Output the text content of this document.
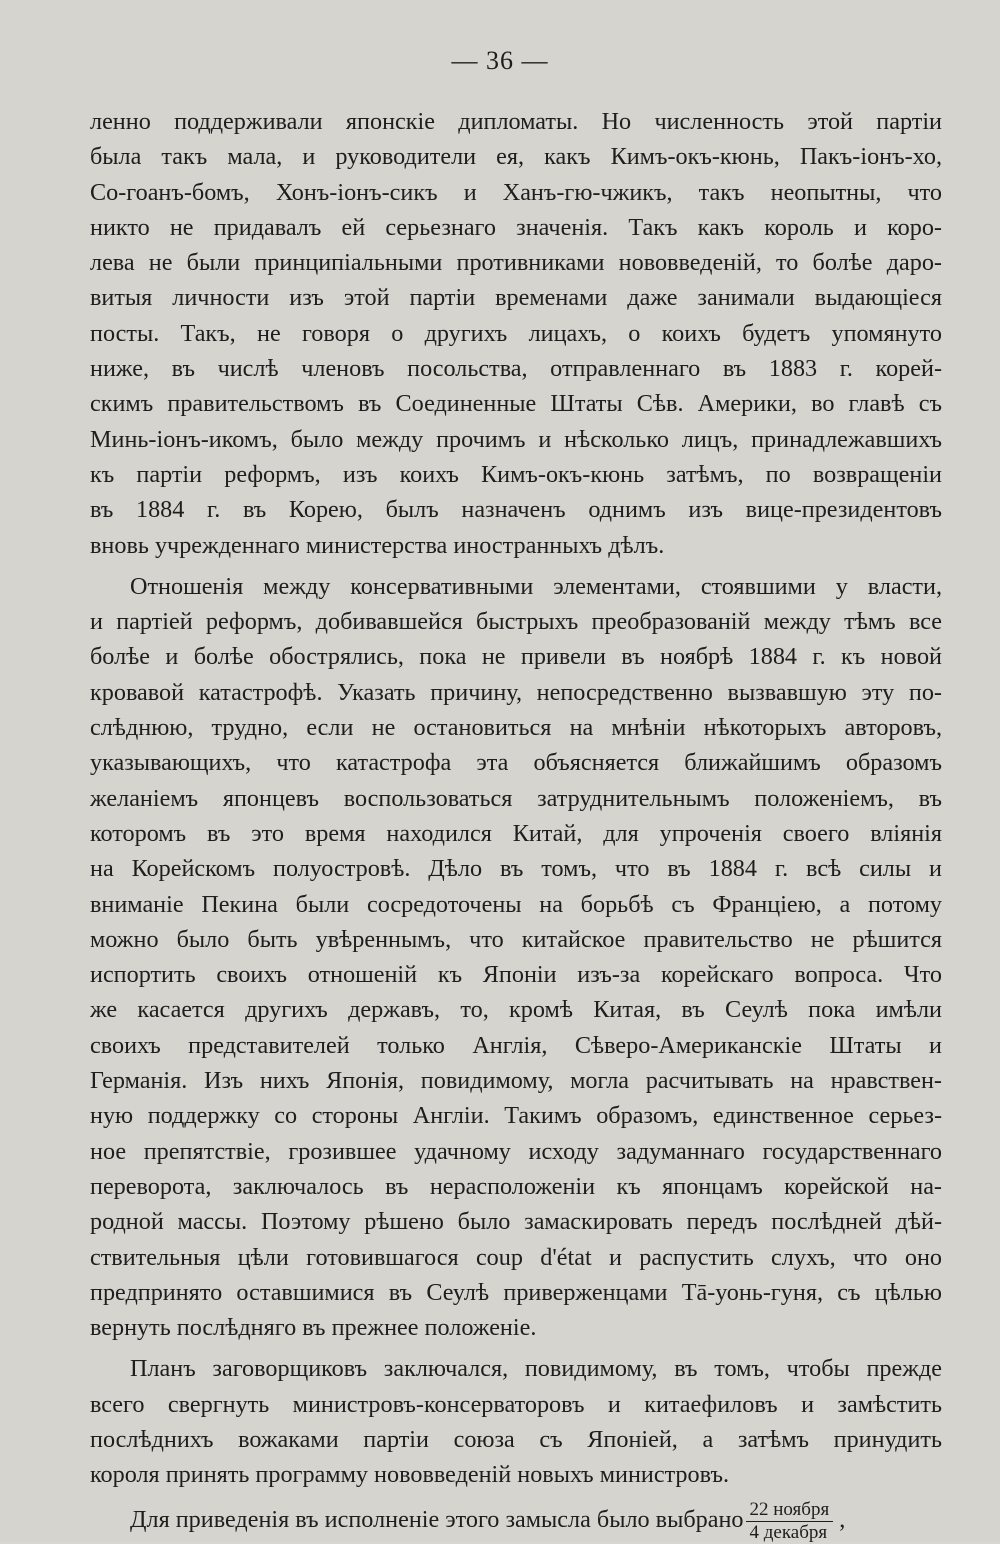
— 36 —
ленно поддерживали японскіе дипломаты. Но численность этой партіи
была такъ мала, и руководители ея, какъ Кимъ-окъ-кюнь, Пакъ-іонъ-хо,
Со-гоанъ-бомъ, Хонъ-іонъ-сикъ и Ханъ-гю-чжикъ, такъ неопытны, что
никто не придавалъ ей серьезнаго значенія. Такъ какъ король и коро-
лева не были принципіальными противниками нововведеній, то болѣе даро-
витыя личности изъ этой партіи временами даже занимали выдающіеся
посты. Такъ, не говоря о другихъ лицахъ, о коихъ будетъ упомянуто
ниже, въ числѣ членовъ посольства, отправленнаго въ 1883 г. корей-
скимъ правительствомъ въ Соединенные Штаты Сѣв. Америки, во главѣ съ
Минь-іонъ-икомъ, было между прочимъ и нѣсколько лицъ, принадлежавшихъ
къ партіи реформъ, изъ коихъ Кимъ-окъ-кюнь затѣмъ, по возвращеніи
въ 1884 г. въ Корею, былъ назначенъ однимъ изъ вице-президентовъ
вновь учрежденнаго министерства иностранныхъ дѣлъ.
Отношенія между консервативными элементами, стоявшими у власти,
и партіей реформъ, добивавшейся быстрыхъ преобразованій между тѣмъ все
болѣе и болѣе обострялись, пока не привели въ ноябрѣ 1884 г. къ новой
кровавой катастрофѣ. Указать причину, непосредственно вызвавшую эту по-
слѣднюю, трудно, если не остановиться на мнѣніи нѣкоторыхъ авторовъ,
указывающихъ, что катастрофа эта объясняется ближайшимъ образомъ
желаніемъ японцевъ воспользоваться затруднительнымъ положеніемъ, въ
которомъ въ это время находился Китай, для упроченія своего вліянія
на Корейскомъ полуостровѣ. Дѣло въ томъ, что въ 1884 г. всѣ силы и
вниманіе Пекина были сосредоточены на борьбѣ съ Франціею, а потому
можно было быть увѣреннымъ, что китайское правительство не рѣшится
испортить своихъ отношеній къ Японіи изъ-за корейскаго вопроса. Что
же касается другихъ державъ, то, кромѣ Китая, въ Сеулѣ пока имѣли
своихъ представителей только Англія, Сѣверо-Американскіе Штаты и
Германія. Изъ нихъ Японія, повидимому, могла расчитывать на нравствен-
ную поддержку со стороны Англіи. Такимъ образомъ, единственное серьез-
ное препятствіе, грозившее удачному исходу задуманнаго государственнаго
переворота, заключалось въ нерасположеніи къ японцамъ корейской на-
родной массы. Поэтому рѣшено было замаскировать передъ послѣдней дѣй-
ствительныя цѣли готовившагося coup d'état и распустить слухъ, что оно
предпринято оставшимися въ Сеулѣ приверженцами Тā-уонь-гуня, съ цѣлью
вернуть послѣдняго въ прежнее положеніе.
Планъ заговорщиковъ заключался, повидимому, въ томъ, чтобы прежде
всего свергнуть министровъ-консерваторовъ и китаефиловъ и замѣстить
послѣднихъ вожаками партіи союза съ Японіей, а затѣмъ принудить
короля принять программу нововведеній новыхъ министровъ.
Для приведенія въ исполненіе этого замысла было выбрано $\frac{\text{22 ноября}}{\text{4 декабря}}$ ,
